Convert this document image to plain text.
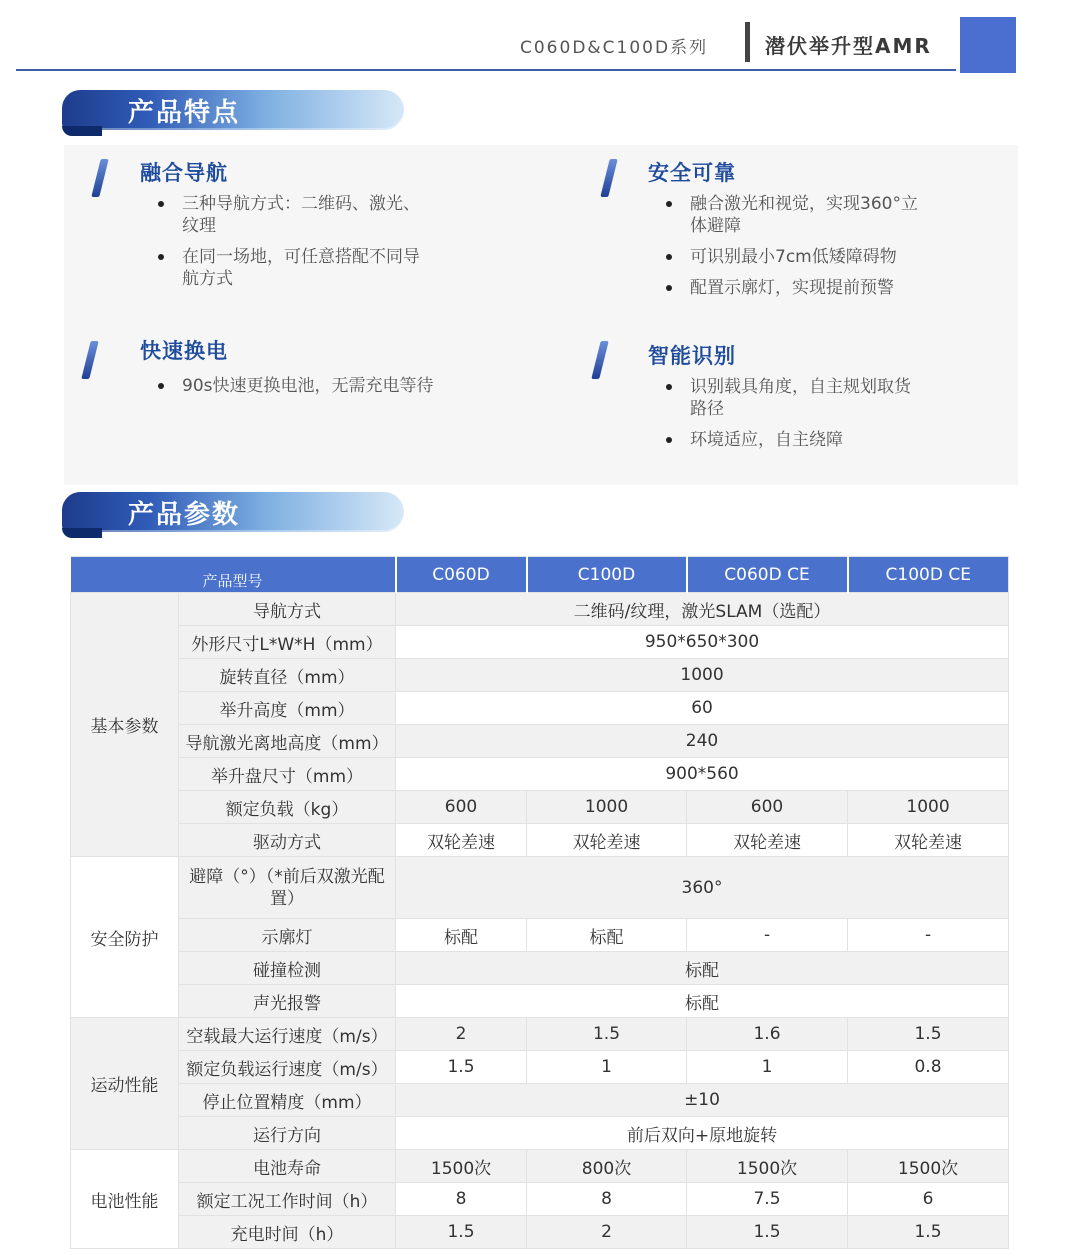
C060D&C100D系列	潜伏举升型AMR
产品特点
融合导航
三种导航方式：二维码、激光、纹理
在同一场地，可任意搭配不同导航方式
安全可靠
融合激光和视觉，实现360°立体避障
可识别最小7cm低矮障碍物
配置示廓灯，实现提前预警
快速换电
90s快速更换电池，无需充电等待
智能识别
识别载具角度，自主规划取货路径
环境适应，自主绕障
产品参数
产品型号		C060D	C100D	C060D CE	C100D CE
基本参数	导航方式	二维码/纹理，激光SLAM（选配）			
	外形尺寸L*W*H（mm）	950*650*300			
	旋转直径（mm）	1000			
	举升高度（mm）	60			
	导航激光离地高度（mm）	240			
	举升盘尺寸（mm）	900*560			
	额定负载（kg）	600	1000	600	1000
	驱动方式	双轮差速	双轮差速	双轮差速	双轮差速
安全防护	避障（°）（*前后双激光配置）	360°			
	示廓灯	标配	标配	-	-
	碰撞检测	标配			
	声光报警	标配			
运动性能	空载最大运行速度（m/s）	2	1.5	1.6	1.5
	额定负载运行速度（m/s）	1.5	1	1	0.8
	停止位置精度（mm）	±10			
	运行方向	前后双向+原地旋转			
电池性能	电池寿命	1500次	800次	1500次	1500次
	额定工况工作时间（h）	8	8	7.5	6
	充电时间（h）	1.5	2	1.5	1.5
